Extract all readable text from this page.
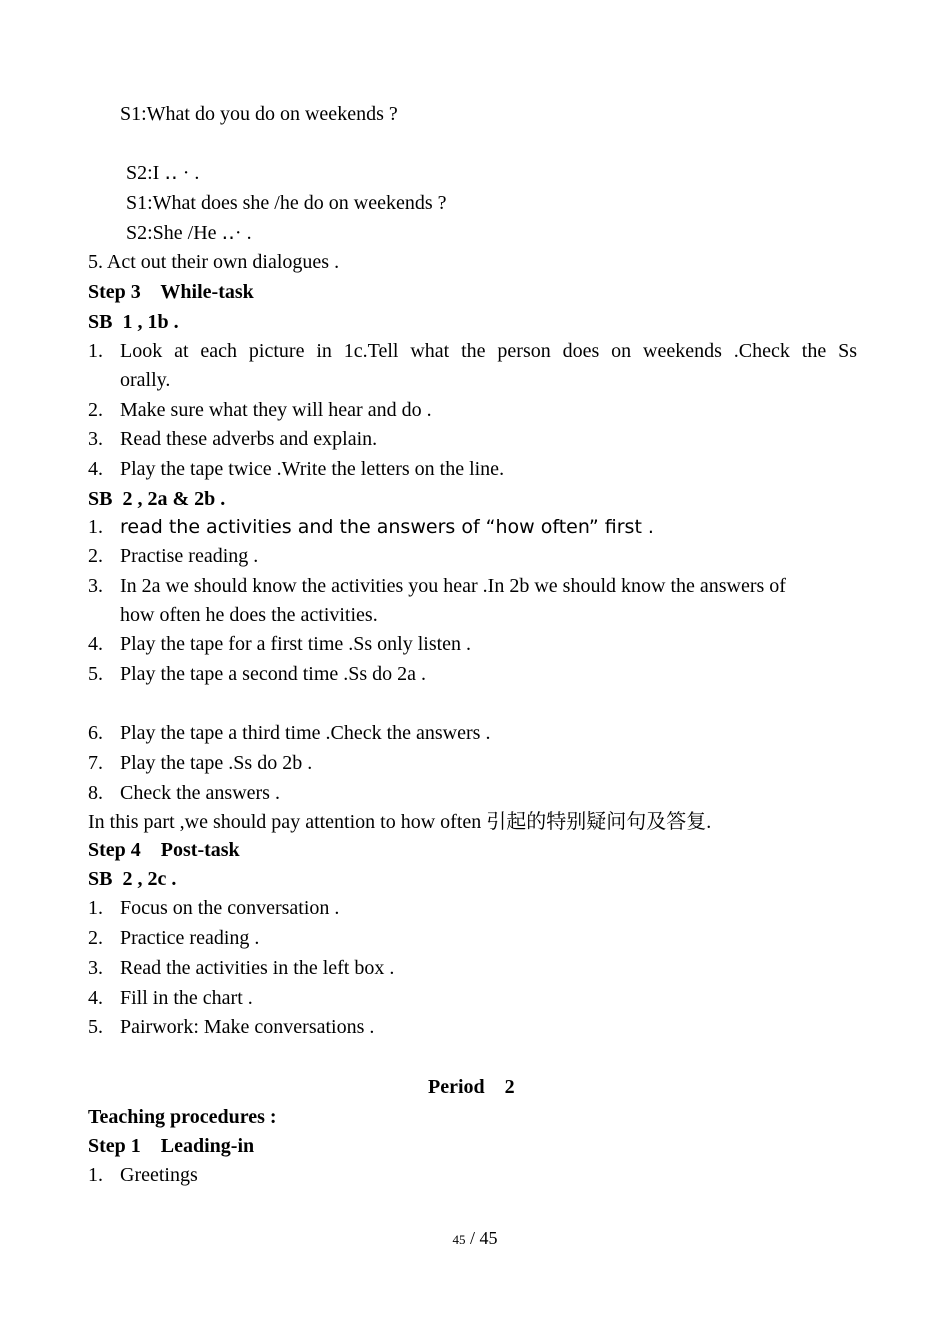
S1:What do you do on weekends ?
S2:I ‥ · .
S1:What does she /he do on weekends ?
S2:She /He ‥· .
5. Act out their own dialogues .
Step 3    While-task
SB  1 , 1b .
1. Look at each picture in 1c.Tell what the person does on weekends .Check the Ss
orally.
2. Make sure what they will hear and do .
3. Read these adverbs and explain.
4. Play the tape twice .Write the letters on the line.
SB  2 , 2a & 2b .
1. read the activities and the answers of “how often” first .
2. Practise reading .
3. In 2a we should know the activities you hear .In 2b we should know the answers of
how often he does the activities.
4. Play the tape for a first time .Ss only listen .
5. Play the tape a second time .Ss do 2a .
6. Play the tape a third time .Check the answers .
7. Play the tape .Ss do 2b .
8. Check the answers .
In this part ,we should pay attention to how often 引起的特别疑问句及答复.
Step 4    Post-task
SB  2 , 2c .
1. Focus on the conversation .
2. Practice reading .
3. Read the activities in the left box .
4. Fill in the chart .
5. Pairwork: Make conversations .
Period    2
Teaching procedures :
Step 1    Leading-in
1. Greetings
45 / 45
